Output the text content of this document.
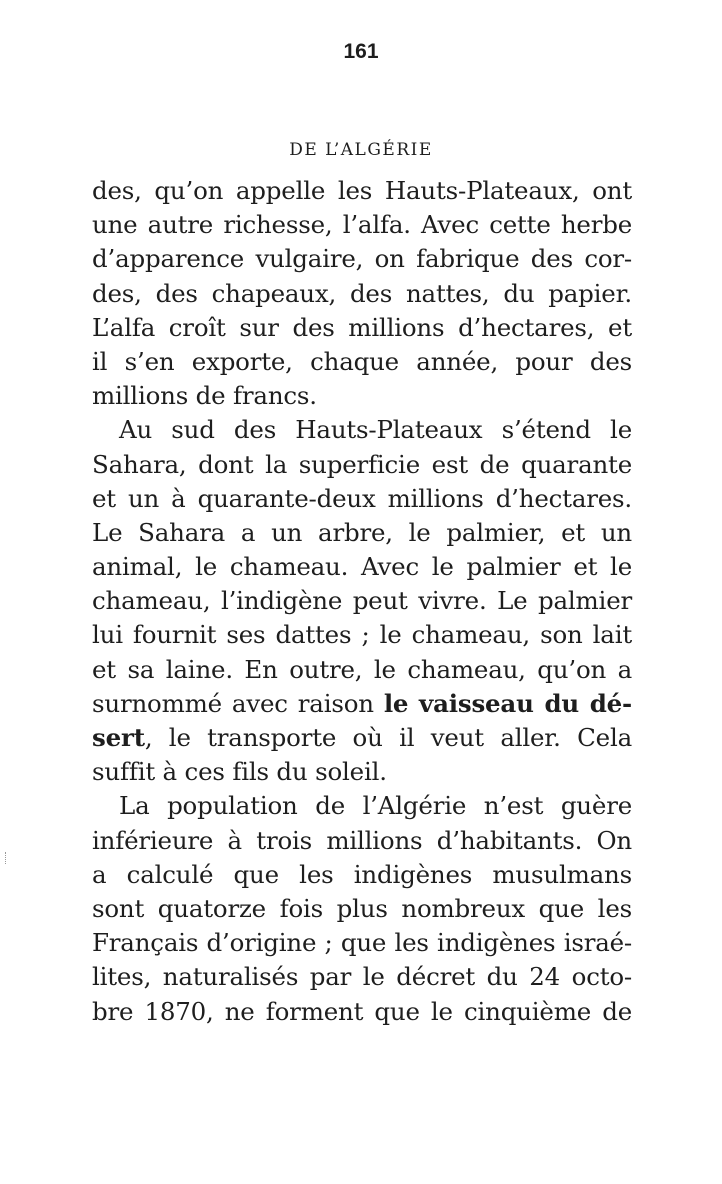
161
DE L’ALGÉRIE
des, qu’on appelle les Hauts-Plateaux, ont
une autre richesse, l’alfa. Avec cette herbe
d’apparence vulgaire, on fabrique des cor-
des, des chapeaux, des nattes, du papier.
L’alfa croît sur des millions d’hectares, et
il s’en exporte, chaque année, pour des
millions de francs.
Au sud des Hauts-Plateaux s’étend le
Sahara, dont la superficie est de quarante
et un à quarante-deux millions d’hectares.
Le Sahara a un arbre, le palmier, et un
animal, le chameau. Avec le palmier et le
chameau, l’indigène peut vivre. Le palmier
lui fournit ses dattes ; le chameau, son lait
et sa laine. En outre, le chameau, qu’on a
surnommé avec raison le vaisseau du dé-
sert, le transporte où il veut aller. Cela
suffit à ces fils du soleil.
La population de l’Algérie n’est guère
inférieure à trois millions d’habitants. On
a calculé que les indigènes musulmans
sont quatorze fois plus nombreux que les
Français d’origine ; que les indigènes israé-
lites, naturalisés par le décret du 24 octo-
bre 1870, ne forment que le cinquième de
